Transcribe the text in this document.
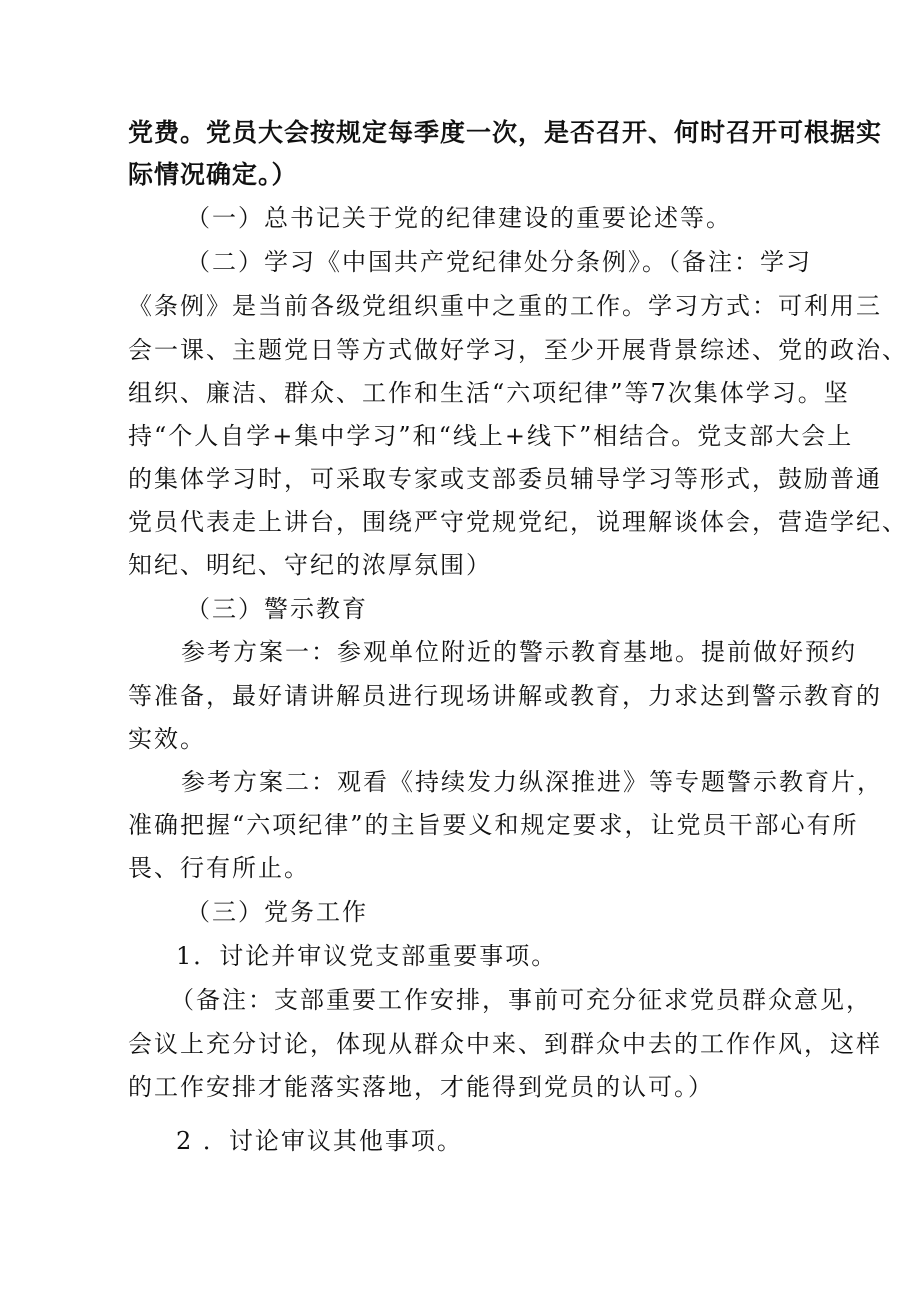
党费。党员大会按规定每季度一次，是否召开、何时召开可根据实
际情况确定。）
（一）总书记关于党的纪律建设的重要论述等。
（二）学习《中国共产党纪律处分条例》。（备注：学习
《条例》是当前各级党组织重中之重的工作。学习方式：可利用三
会一课、主题党日等方式做好学习，至少开展背景综述、党的政治、
组织、廉洁、群众、工作和生活“六项纪律”等7次集体学习。坚
持“个人自学+集中学习”和“线上+线下”相结合。党支部大会上
的集体学习时，可采取专家或支部委员辅导学习等形式，鼓励普通
党员代表走上讲台，围绕严守党规党纪，说理解谈体会，营造学纪、
知纪、明纪、守纪的浓厚氛围）
（三）警示教育
参考方案一：参观单位附近的警示教育基地。提前做好预约
等准备，最好请讲解员进行现场讲解或教育，力求达到警示教育的
实效。
参考方案二：观看《持续发力纵深推进》等专题警示教育片，
准确把握“六项纪律”的主旨要义和规定要求，让党员干部心有所
畏、行有所止。
（三）党务工作
1．讨论并审议党支部重要事项。
（备注：支部重要工作安排，事前可充分征求党员群众意见，
会议上充分讨论，体现从群众中来、到群众中去的工作作风，这样
的工作安排才能落实落地，才能得到党员的认可。）
2 ．讨论审议其他事项。
